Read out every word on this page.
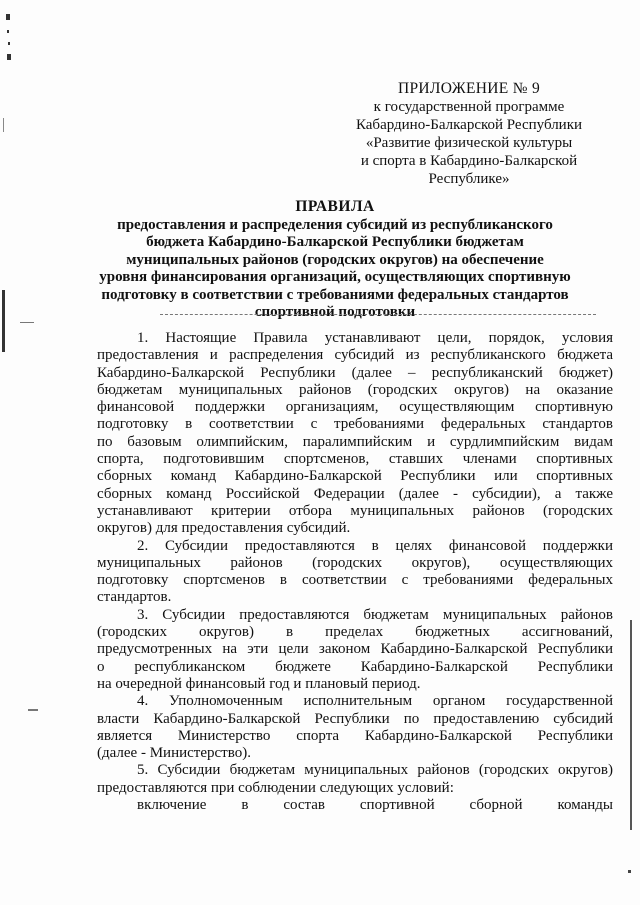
ПРИЛОЖЕНИЕ № 9
к государственной программе
Кабардино-Балкарской Республики
«Развитие физической культуры
и спорта в Кабардино-Балкарской
Республике»
ПРАВИЛА
предоставления и распределения субсидий из республиканского
бюджета Кабардино-Балкарской Республики бюджетам
муниципальных районов (городских округов) на обеспечение
уровня финансирования организаций, осуществляющих спортивную
подготовку в соответствии с требованиями федеральных стандартов
спортивной подготовки
1. Настоящие Правила устанавливают цели, порядок, условия
предоставления и распределения субсидий из республиканского бюджета
Кабардино-Балкарской Республики (далее – республиканский бюджет)
бюджетам муниципальных районов (городских округов) на оказание
финансовой поддержки организациям, осуществляющим спортивную
подготовку в соответствии с требованиями федеральных стандартов
по базовым олимпийским, паралимпийским и сурдлимпийским видам
спорта, подготовившим спортсменов, ставших членами спортивных
сборных команд Кабардино-Балкарской Республики или спортивных
сборных команд Российской Федерации (далее - субсидии), а также
устанавливают критерии отбора муниципальных районов (городских
округов) для предоставления субсидий.
2. Субсидии предоставляются в целях финансовой поддержки
муниципальных районов (городских округов), осуществляющих
подготовку спортсменов в соответствии с требованиями федеральных
стандартов.
3. Субсидии предоставляются бюджетам муниципальных районов
(городских округов) в пределах бюджетных ассигнований,
предусмотренных на эти цели законом Кабардино-Балкарской Республики
о республиканском бюджете Кабардино-Балкарской Республики
на очередной финансовый год и плановый период.
4. Уполномоченным исполнительным органом государственной
власти Кабардино-Балкарской Республики по предоставлению субсидий
является Министерство спорта Кабардино-Балкарской Республики
(далее - Министерство).
5. Субсидии бюджетам муниципальных районов (городских округов)
предоставляются при соблюдении следующих условий:
включение в состав спортивной сборной команды
